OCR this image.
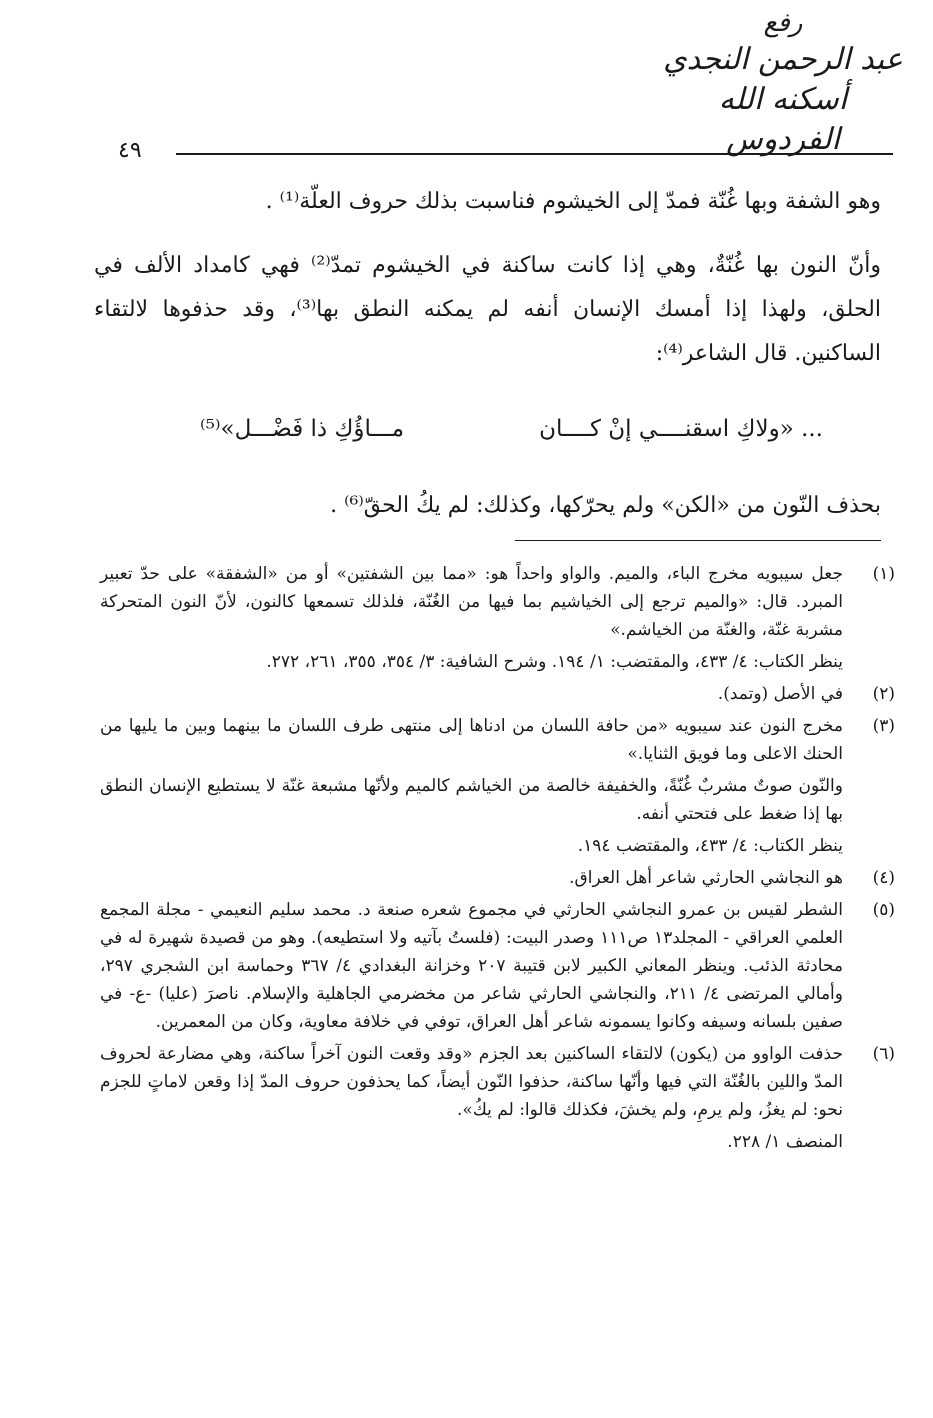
رفع
عبد الرحمن النجدي
أسكنه الله الفردوس
٤٩

وهو الشفة وبها غُنّة فمدّ إلى الخيشوم فناسبت بذلك حروف العلّة⁽¹⁾ .

وأنّ النون بها غُنّةٌ، وهي إذا كانت ساكنة في الخيشوم تمدّ⁽²⁾ فهي كامداد الألف في الحلق، ولهذا إذا أمسك الإنسان أنفه لم يمكنه النطق بها⁽³⁾، وقد حذفوها لالتقاء الساكنين. قال الشاعر⁽⁴⁾:

... «ولاكِ اسقنــــي إنْ كــــان
مـــاؤُكِ ذا فَضْـــل»⁽⁵⁾
بحذف النّون من «الكن» ولم يحرّكها، وكذلك: لم يكُ الحقّ⁽⁶⁾ .
(١)

جعل سيبويه مخرج الباء، والميم. والواو واحداً هو: «مما بين الشفتين» أو من «الشفقة» على حدّ تعبير المبرد. قال: «والميم ترجع إلى الخياشيم بما فيها من الغُنّة، فلذلك تسمعها كالنون، لأنّ النون المتحركة مشربة غنّة، والغنّة من الخياشم.»

ينظر الكتاب: ٤/ ٤٣٣، والمقتضب: ١/ ١٩٤. وشرح الشافية: ٣/ ٣٥٤، ٣٥٥، ٢٦١، ٢٧٢.

(٢)

في الأصل (وتمد).

(٣)

مخرج النون عند سيبويه «من حافة اللسان من ادناها إلى منتهى طرف اللسان ما بينهما وبين ما يليها من الحنك الاعلى وما فويق الثنايا.»

والنّون صوتٌ مشربٌ غُنّةً، والخفيفة خالصة من الخياشم كالميم ولأنّها مشبعة غنّة لا يستطيع الإنسان النطق بها إذا ضغط على فتحتي أنفه.

ينظر الكتاب: ٤/ ٤٣٣، والمقتضب ١٩٤.

(٤)

هو النجاشي الحارثي شاعر أهل العراق.

(٥)

الشطر لقيس بن عمرو النجاشي الحارثي في مجموع شعره صنعة د. محمد سليم النعيمي - مجلة المجمع العلمي العراقي - المجلد١٣ ص١١١ وصدر البيت: (فلستُ بآتيه ولا استطيعه). وهو من قصيدة شهيرة له في محادثة الذئب. وينظر المعاني الكبير لابن قتيبة ٢٠٧ وخزانة البغدادي ٤/ ٣٦٧ وحماسة ابن الشجري ٢٩٧، وأمالي المرتضى ٤/ ٢١١، والنجاشي الحارثي شاعر من مخضرمي الجاهلية والإسلام. ناصرَ (عليا) -ع- في صفين بلسانه وسيفه وكانوا يسمونه شاعر أهل العراق، توفي في خلافة معاوية، وكان من المعمرين.

(٦)

حذفت الواوو من (يكون) لالتقاء الساكنين بعد الجزم «وقد وقعت النون آخراً ساكنة، وهي مضارعة لحروف المدّ واللين بالغُنّة التي فيها وأنّها ساكنة، حذفوا النّون أيضاً، كما يحذفون حروف المدّ إذا وقعن لاماتٍ للجزم نحو: لم يغزُ، ولم يرمِ، ولم يخشَ، فكذلك قالوا: لم يكُ».

المنصف ١/ ٢٢٨.
